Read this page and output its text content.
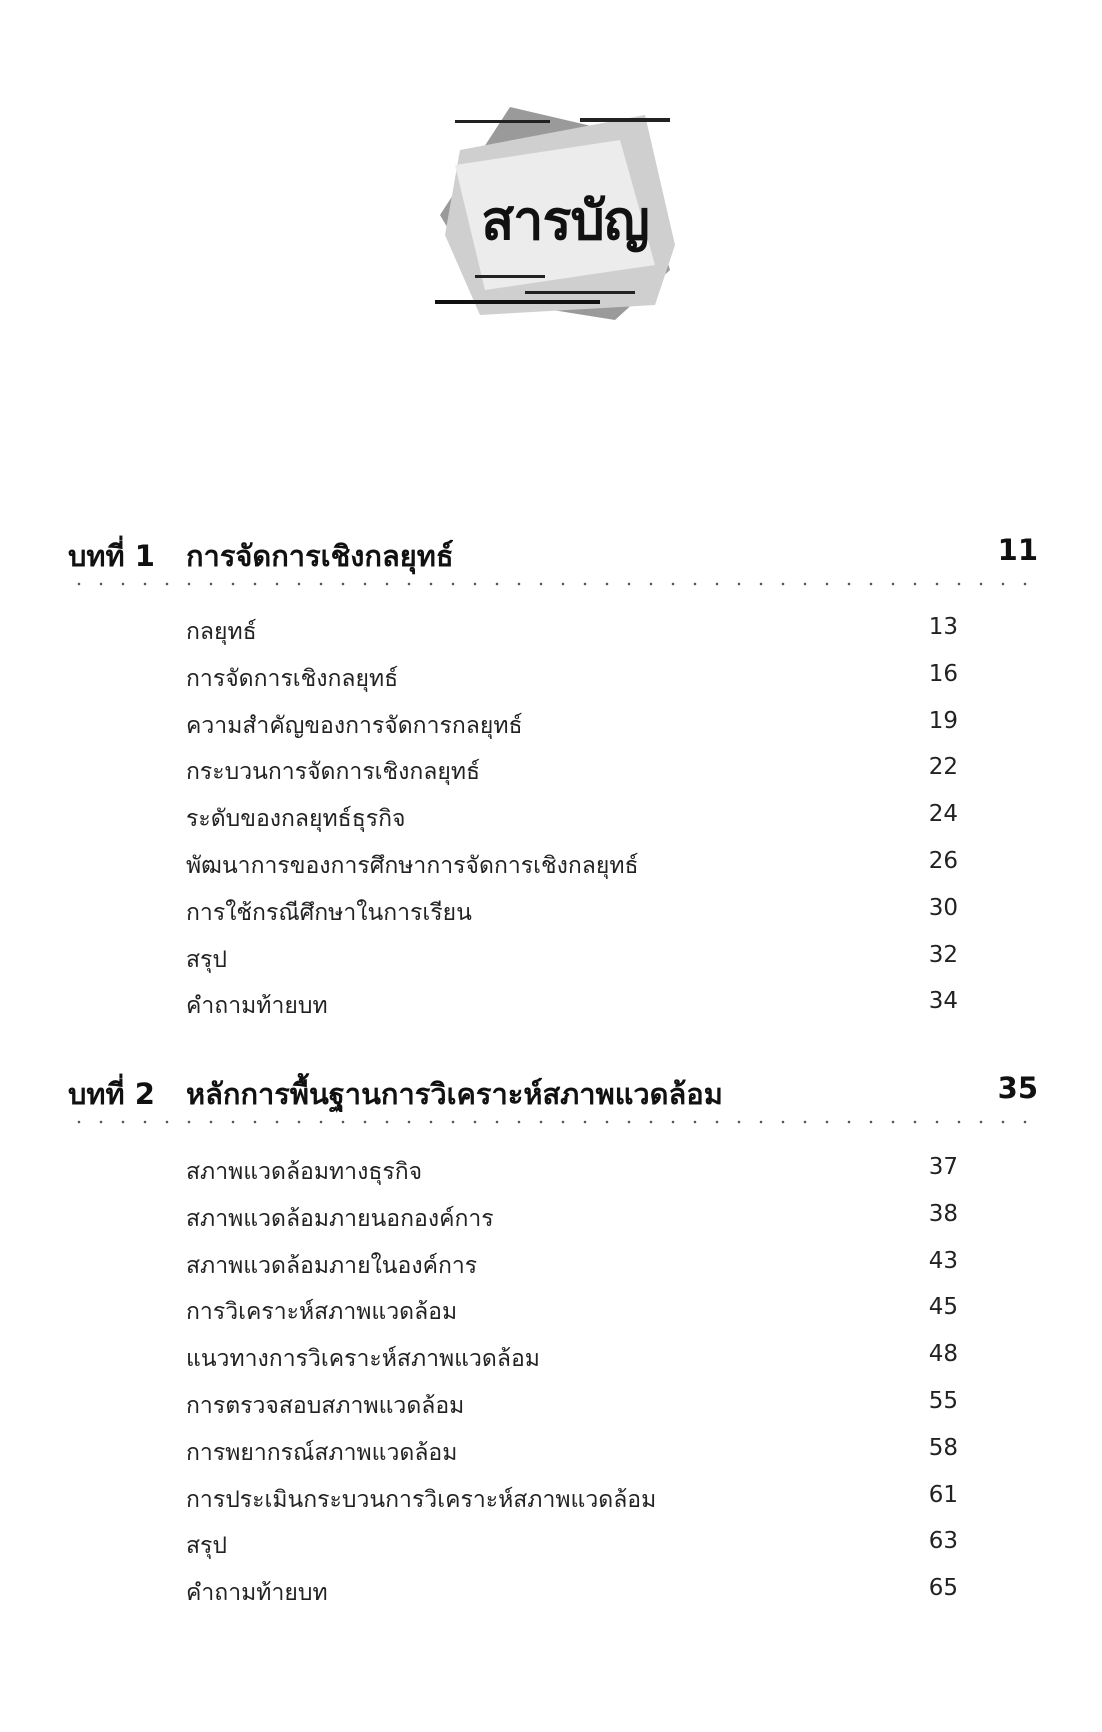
สารบัญ
บทที่ 1 การจัดการเชิงกลยุทธ์	11
กลยุทธ์	13
การจัดการเชิงกลยุทธ์	16
ความสำคัญของการจัดการกลยุทธ์	19
กระบวนการจัดการเชิงกลยุทธ์	22
ระดับของกลยุทธ์ธุรกิจ	24
พัฒนาการของการศึกษาการจัดการเชิงกลยุทธ์	26
การใช้กรณีศึกษาในการเรียน	30
สรุป	32
คำถามท้ายบท	34
บทที่ 2 หลักการพื้นฐานการวิเคราะห์สภาพแวดล้อม	35
สภาพแวดล้อมทางธุรกิจ	37
สภาพแวดล้อมภายนอกองค์การ	38
สภาพแวดล้อมภายในองค์การ	43
การวิเคราะห์สภาพแวดล้อม	45
แนวทางการวิเคราะห์สภาพแวดล้อม	48
การตรวจสอบสภาพแวดล้อม	55
การพยากรณ์สภาพแวดล้อม	58
การประเมินกระบวนการวิเคราะห์สภาพแวดล้อม	61
สรุป	63
คำถามท้ายบท	65
